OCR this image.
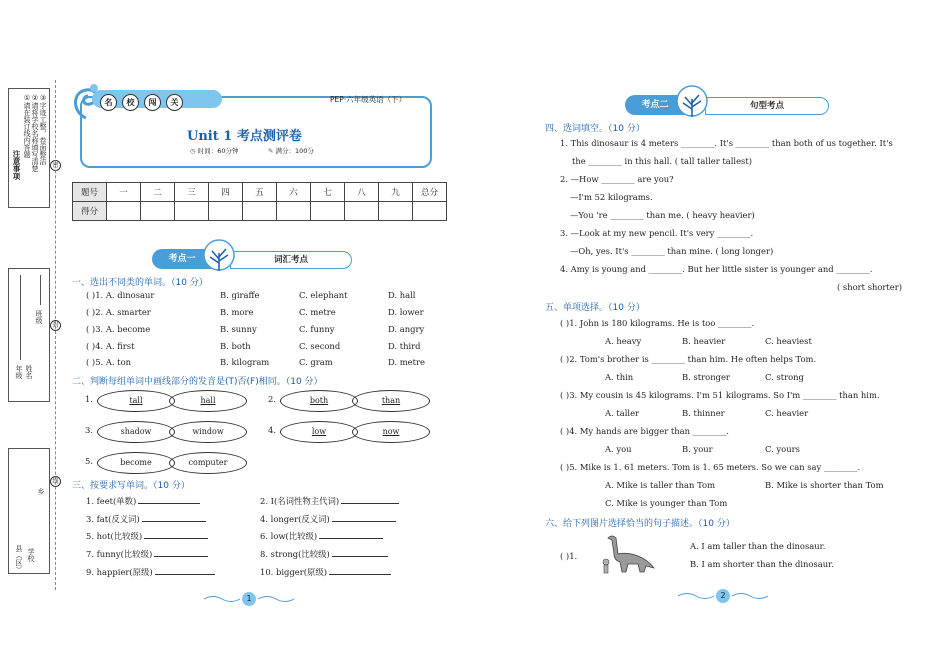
注意事项
①请在装订线内答题 ②请将学校名称填写清楚 ③字迹工整，卷面整洁
年级 姓名
班级
县（区） 学校
乡
密
封
线
名 校 闯 关	PEP·六年级英语（下）
Unit 1 考点测评卷
◷ 时间：60分钟	✎ 满分：100分
题号	一	二	三	四	五	六	七	八	九	总分
得分										
考点一	词汇考点
一、选出不同类的单词。（10 分）
( )1. A. dinosaur	B. giraffe	C. elephant	D. hall
( )2. A. smarter	B. more	C. metre	D. lower
( )3. A. become	B. sunny	C. funny	D. angry
( )4. A. first	B. both	C. second	D. third
( )5. A. ton	B. kilogram	C. gram	D. metre
二、判断每组单词中画线部分的发音是(T)否(F)相同。（10 分）
1.	tall	hall	2.	both	than
3.	shadow	window	4.	low	now
5.	become	computer
三、按要求写单词。（10 分）
1. feet(单数)	2. I(名词性物主代词)
3. fat(反义词)	4. longer(反义词)
5. hot(比较级)	6. low(比较级)
7. funny(比较级)	8. strong(比较级)
9. happier(原级)	10. bigger(原级)
1
考点二	句型考点
四、选词填空。（10 分）
1. This dinosaur is 4 meters ________. It's ________ than both of us together. It's
the ________ in this hall. ( tall taller tallest)
2. —How ________ are you?
—I'm 52 kilograms.
—You 're ________ than me. ( heavy heavier)
3. —Look at my new pencil. It's very ________.
—Oh, yes. It's ________ than mine. ( long longer)
4. Amy is young and ________. But her little sister is younger and ________.
( short shorter)
五、单项选择。（10 分）
( )1. John is 180 kilograms. He is too ________.
A. heavy	B. heavier	C. heaviest
( )2. Tom's brother is ________ than him. He often helps Tom.
A. thin	B. stronger	C. strong
( )3. My cousin is 45 kilograms. I'm 51 kilograms. So I'm ________ than him.
A. taller	B. thinner	C. heavier
( )4. My hands are bigger than ________.
A. you	B. your	C. yours
( )5. Mike is 1. 61 meters. Tom is 1. 65 meters. So we can say ________.
A. Mike is taller than Tom	B. Mike is shorter than Tom
C. Mike is younger than Tom
六、给下列图片选择恰当的句子描述。（10 分）
( )1.
A. I am taller than the dinosaur.
B. I am shorter than the dinosaur.
2
